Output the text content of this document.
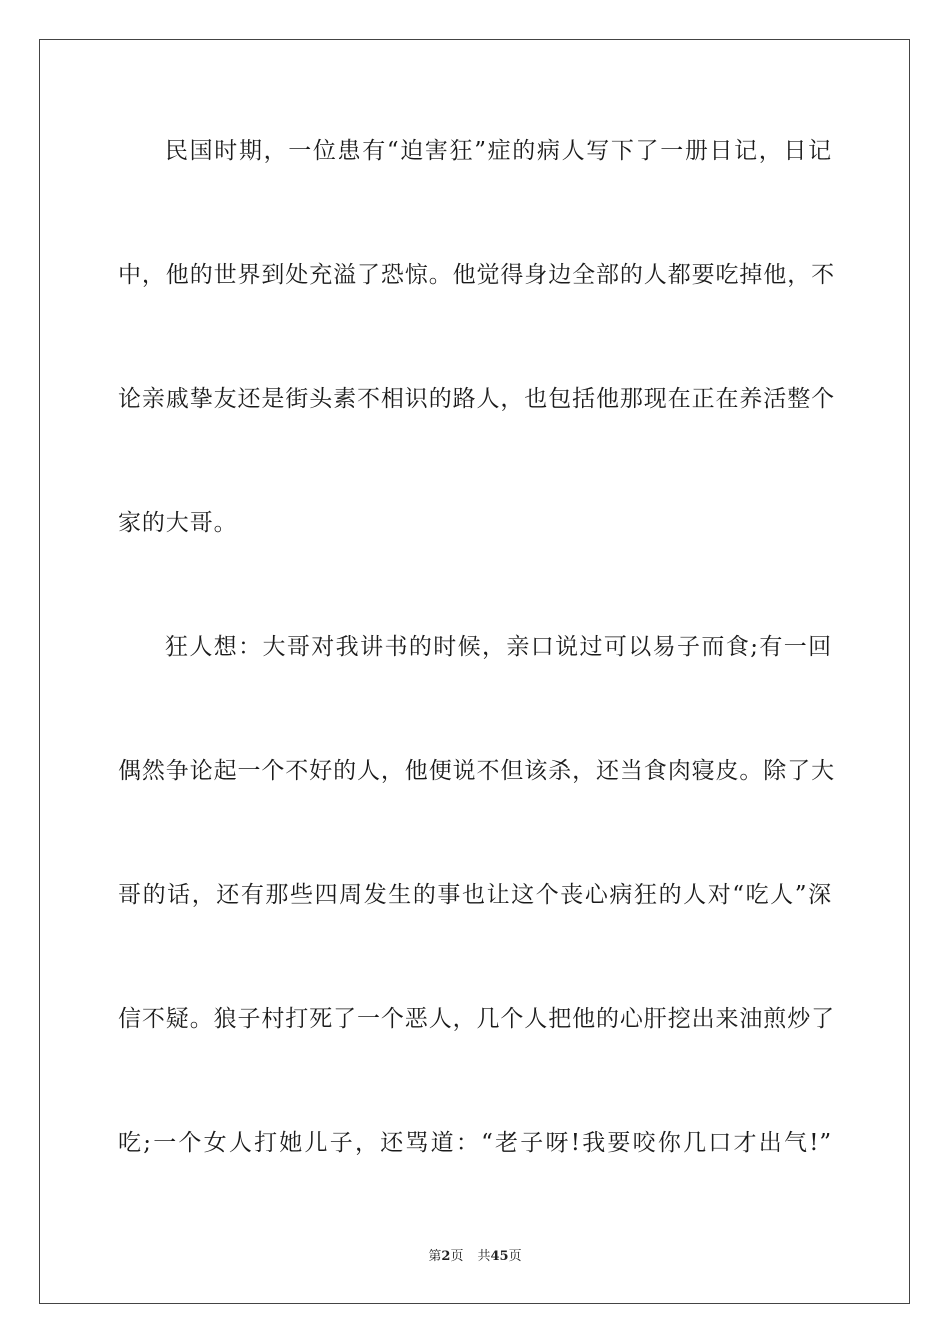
民国时期，一位患有“迫害狂”症的病人写下了一册日记，日记
中，他的世界到处充溢了恐惊。他觉得身边全部的人都要吃掉他，不
论亲戚挚友还是街头素不相识的路人，也包括他那现在正在养活整个
家的大哥。
狂人想：大哥对我讲书的时候，亲口说过可以易子而食;有一回
偶然争论起一个不好的人，他便说不但该杀，还当食肉寝皮。除了大
哥的话，还有那些四周发生的事也让这个丧心病狂的人对“吃人”深
信不疑。狼子村打死了一个恶人，几个人把他的心肝挖出来油煎炒了
吃;一个女人打她儿子，还骂道：“老子呀!我要咬你几口才出气!”
第2页 共45页
